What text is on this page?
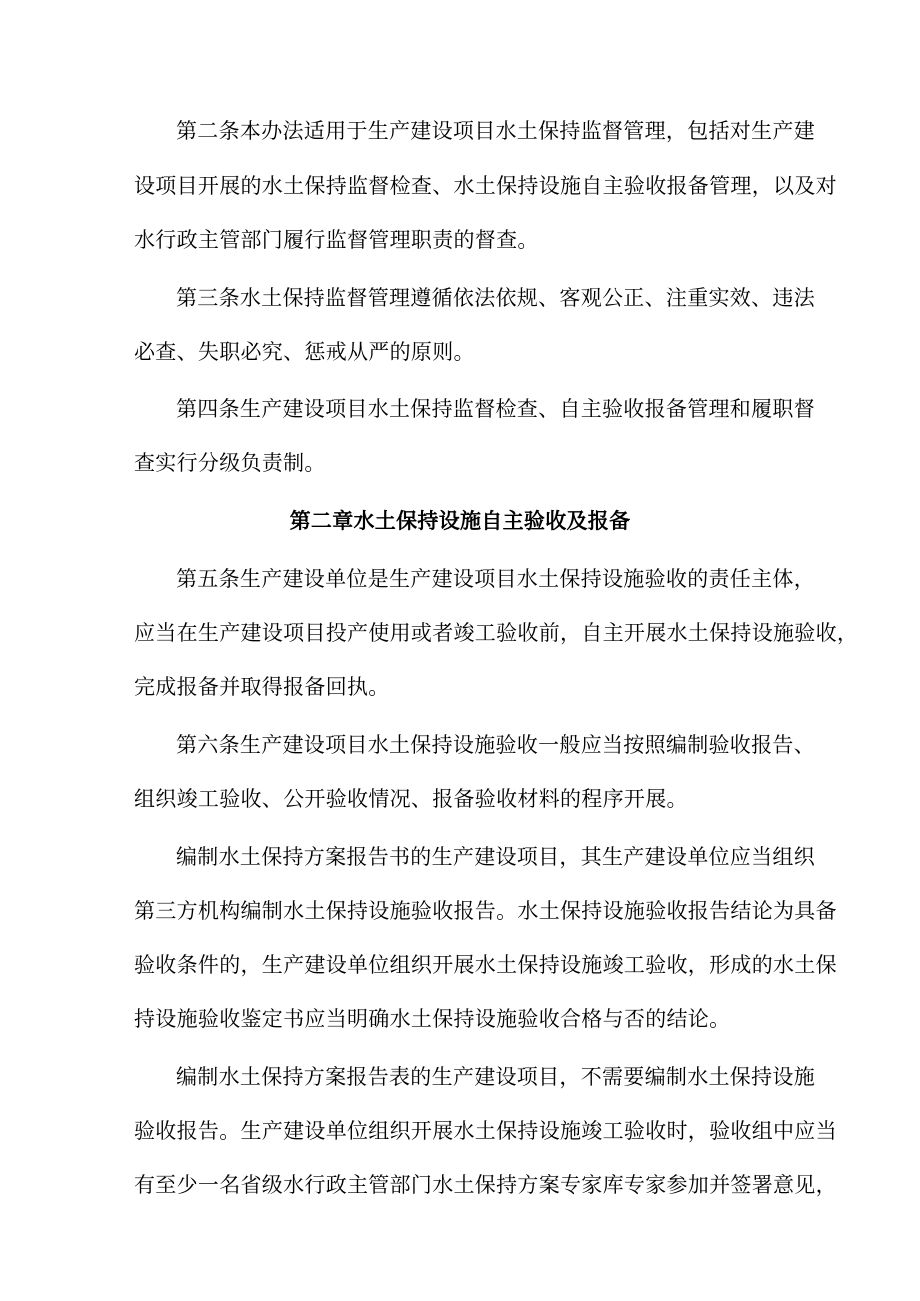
第二条本办法适用于生产建设项目水土保持监督管理，包括对生产建
设项目开展的水土保持监督检查、水土保持设施自主验收报备管理，以及对
水行政主管部门履行监督管理职责的督查。
第三条水土保持监督管理遵循依法依规、客观公正、注重实效、违法
必查、失职必究、惩戒从严的原则。
第四条生产建设项目水土保持监督检查、自主验收报备管理和履职督
查实行分级负责制。
第二章水土保持设施自主验收及报备
第五条生产建设单位是生产建设项目水土保持设施验收的责任主体，
应当在生产建设项目投产使用或者竣工验收前，自主开展水土保持设施验收，
完成报备并取得报备回执。
第六条生产建设项目水土保持设施验收一般应当按照编制验收报告、
组织竣工验收、公开验收情况、报备验收材料的程序开展。
编制水土保持方案报告书的生产建设项目，其生产建设单位应当组织
第三方机构编制水土保持设施验收报告。水土保持设施验收报告结论为具备
验收条件的，生产建设单位组织开展水土保持设施竣工验收，形成的水土保
持设施验收鉴定书应当明确水土保持设施验收合格与否的结论。
编制水土保持方案报告表的生产建设项目，不需要编制水土保持设施
验收报告。生产建设单位组织开展水土保持设施竣工验收时，验收组中应当
有至少一名省级水行政主管部门水土保持方案专家库专家参加并签署意见，
